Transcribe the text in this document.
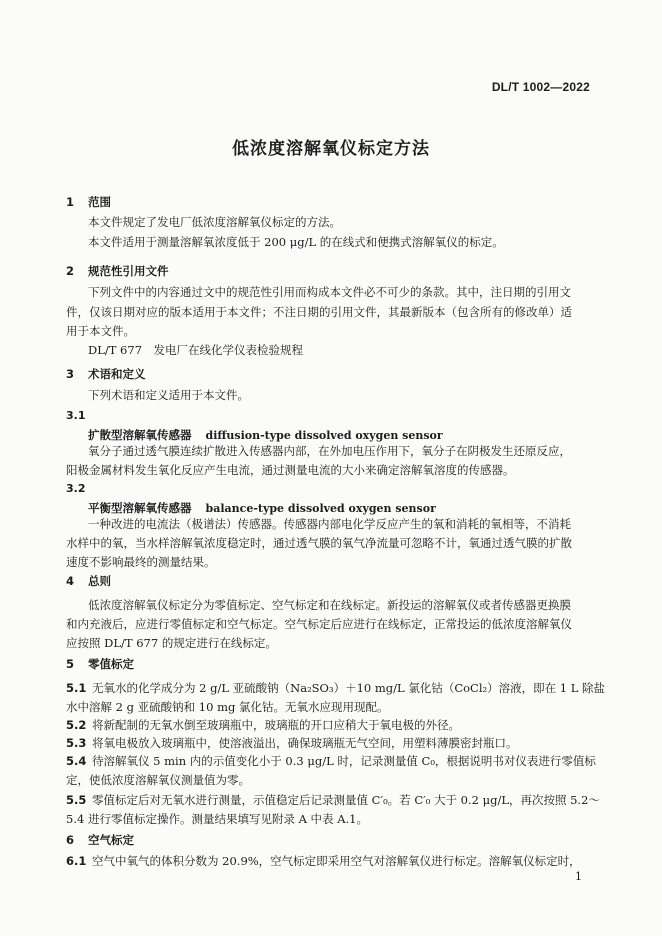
DL/T 1002—2022
低浓度溶解氧仪标定方法
1 范围
本文件规定了发电厂低浓度溶解氧仪标定的方法。
本文件适用于测量溶解氧浓度低于 200 μg/L 的在线式和便携式溶解氧仪的标定。
2 规范性引用文件
下列文件中的内容通过文中的规范性引用而构成本文件必不可少的条款。其中，注日期的引用文
件，仅该日期对应的版本适用于本文件；不注日期的引用文件，其最新版本（包含所有的修改单）适
用于本文件。
DL/T 677　发电厂在线化学仪表检验规程
3 术语和定义
下列术语和定义适用于本文件。
3.1
扩散型溶解氧传感器 diffusion-type dissolved oxygen sensor
氧分子通过透气膜连续扩散进入传感器内部，在外加电压作用下，氧分子在阴极发生还原反应，
阳极金属材料发生氧化反应产生电流，通过测量电流的大小来确定溶解氧溶度的传感器。
3.2
平衡型溶解氧传感器 balance-type dissolved oxygen sensor
一种改进的电流法（极谱法）传感器。传感器内部电化学反应产生的氧和消耗的氧相等，不消耗
水样中的氧，当水样溶解氧浓度稳定时，通过透气膜的氧气净流量可忽略不计，氧通过透气膜的扩散
速度不影响最终的测量结果。
4 总则
低浓度溶解氧仪标定分为零值标定、空气标定和在线标定。新投运的溶解氧仪或者传感器更换膜
和内充液后，应进行零值标定和空气标定。空气标定后应进行在线标定，正常投运的低浓度溶解氧仪
应按照 DL/T 677 的规定进行在线标定。
5 零值标定
5.1 无氧水的化学成分为 2 g/L 亚硫酸钠（Na₂SO₃）＋10 mg/L 氯化钴（CoCl₂）溶液，即在 1 L 除盐
水中溶解 2 g 亚硫酸钠和 10 mg 氯化钴。无氧水应现用现配。
5.2 将新配制的无氧水倒至玻璃瓶中，玻璃瓶的开口应稍大于氧电极的外径。
5.3 将氧电极放入玻璃瓶中，使溶液溢出，确保玻璃瓶无气空间，用塑料薄膜密封瓶口。
5.4 待溶解氧仪 5 min 内的示值变化小于 0.3 μg/L 时，记录测量值 C₀，根据说明书对仪表进行零值标
定，使低浓度溶解氧仪测量值为零。
5.5 零值标定后对无氧水进行测量，示值稳定后记录测量值 C′₀。若 C′₀ 大于 0.2 μg/L，再次按照 5.2～
5.4 进行零值标定操作。测量结果填写见附录 A 中表 A.1。
6 空气标定
6.1 空气中氧气的体积分数为 20.9%，空气标定即采用空气对溶解氧仪进行标定。溶解氧仪标定时，
1
